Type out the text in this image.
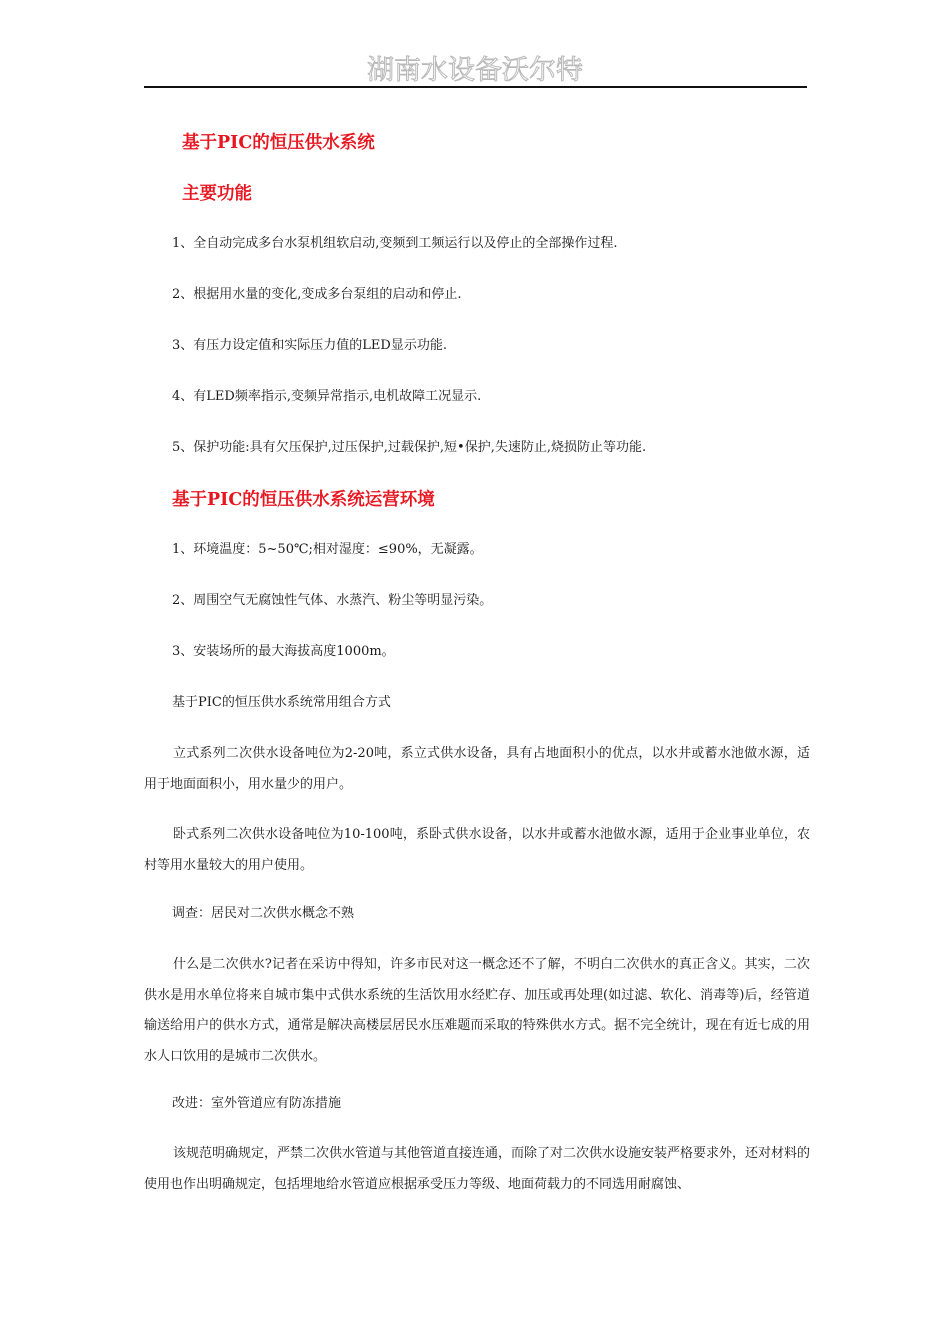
湖南水设备沃尔特
基于PIC的恒压供水系统
主要功能
1、全自动完成多台水泵机组软启动,变频到工频运行以及停止的全部操作过程.
2、根据用水量的变化,变成多台泵组的启动和停止.
3、有压力设定值和实际压力值的LED显示功能.
4、有LED频率指示,变频异常指示,电机故障工况显示.
5、保护功能:具有欠压保护,过压保护,过载保护,短•保护,失速防止,烧损防止等功能.
基于PIC的恒压供水系统运营环境
1、环境温度：5~50℃;相对湿度：≤90%，无凝露。
2、周围空气无腐蚀性气体、水蒸汽、粉尘等明显污染。
3、安装场所的最大海拔高度1000m。
基于PIC的恒压供水系统常用组合方式

立式系列二次供水设备吨位为2-20吨，系立式供水设备，具有占地面积小的优点，以水井或蓄水池做水源，适用于地面面积小，用水量少的用户。

卧式系列二次供水设备吨位为10-100吨，系卧式供水设备，以水井或蓄水池做水源，适用于企业事业单位，农村等用水量较大的用户使用。

调查：居民对二次供水概念不熟

什么是二次供水?记者在采访中得知，许多市民对这一概念还不了解，不明白二次供水的真正含义。其实，二次供水是用水单位将来自城市集中式供水系统的生活饮用水经贮存、加压或再处理(如过滤、软化、消毒等)后，经管道输送给用户的供水方式，通常是解决高楼层居民水压难题而采取的特殊供水方式。据不完全统计，现在有近七成的用水人口饮用的是城市二次供水。

改进：室外管道应有防冻措施

该规范明确规定，严禁二次供水管道与其他管道直接连通，而除了对二次供水设施安装严格要求外，还对材料的使用也作出明确规定，包括埋地给水管道应根据承受压力等级、地面荷载力的不同选用耐腐蚀、
